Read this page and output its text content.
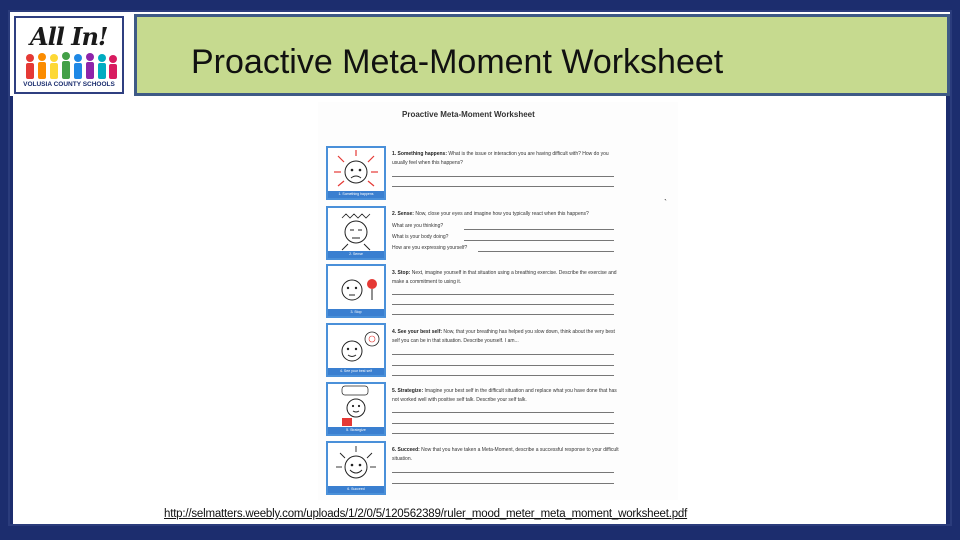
All In!
VOLUSIA COUNTY SCHOOLS
Proactive Meta-Moment Worksheet
Proactive Meta-Moment Worksheet
1. Something happens
1. Something happens: What is the issue or interaction you are having difficult with? How do you usually feel when this happens?
2. Sense
2. Sense: Now, close your eyes and imagine how you typically react when this happens?
What are you thinking?
What is your body doing?
How are you expressing yourself?
3. Stop
3. Stop: Next, imagine yourself in that situation using a breathing exercise. Describe the exercise and make a commitment to using it.
4. See your best self
4. See your best self: Now, that your breathing has helped you slow down, think about the very best self you can be in that situation. Describe yourself. I am...
5. Strategize
5. Strategize: Imagine your best self in the difficult situation and replace what you have done that has not worked well with positive self talk. Describe your self talk.
6. Succeed
6. Succeed: Now that you have taken a Meta-Moment, describe a successful response to your difficult situation.
`
http://selmatters.weebly.com/uploads/1/2/0/5/120562389/ruler_mood_meter_meta_moment_worksheet.pdf
